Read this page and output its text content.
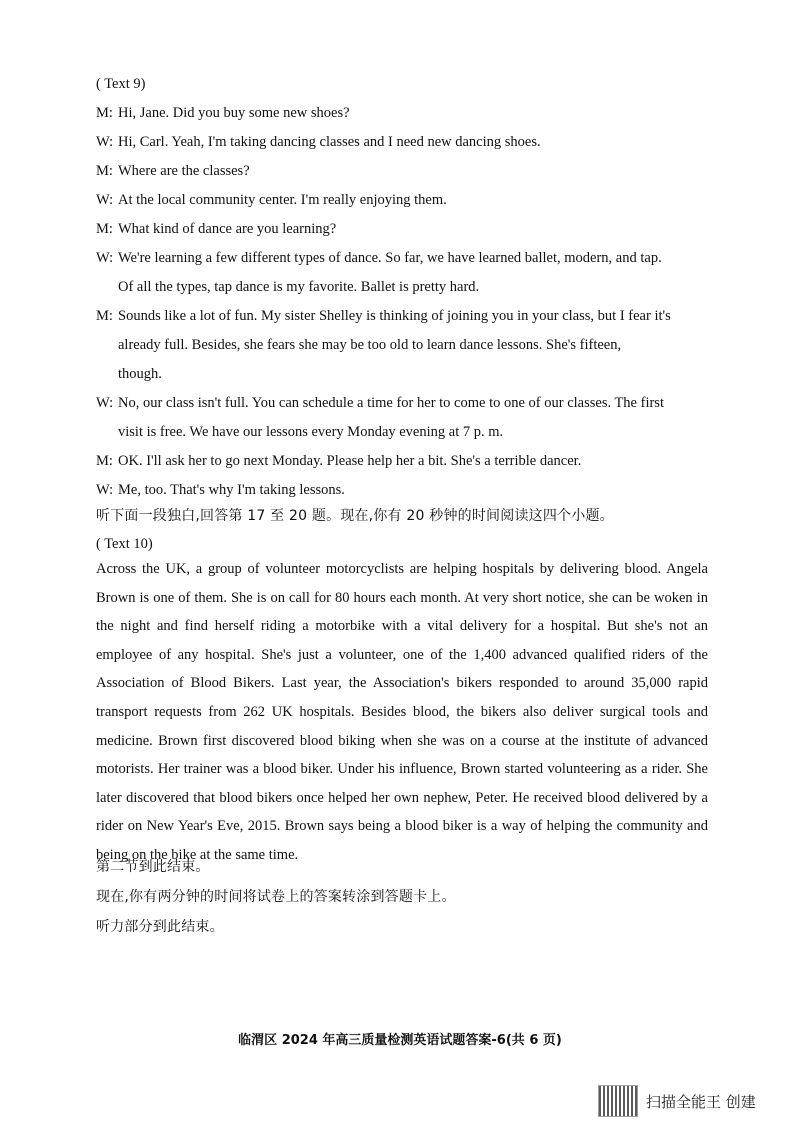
( Text 9)
M: Hi, Jane. Did you buy some new shoes?
W: Hi, Carl. Yeah, I'm taking dancing classes and I need new dancing shoes.
M: Where are the classes?
W: At the local community center. I'm really enjoying them.
M: What kind of dance are you learning?
W: We're learning a few different types of dance. So far, we have learned ballet, modern, and tap.
Of all the types, tap dance is my favorite. Ballet is pretty hard.
M: Sounds like a lot of fun. My sister Shelley is thinking of joining you in your class, but I fear it's
already full. Besides, she fears she may be too old to learn dance lessons. She's fifteen,
though.
W: No, our class isn't full. You can schedule a time for her to come to one of our classes. The first
visit is free. We have our lessons every Monday evening at 7 p. m.
M: OK. I'll ask her to go next Monday. Please help her a bit. She's a terrible dancer.
W: Me, too. That's why I'm taking lessons.
听下面一段独白,回答第 17 至 20 题。现在,你有 20 秒钟的时间阅读这四个小题。
( Text 10)
Across the UK, a group of volunteer motorcyclists are helping hospitals by delivering blood. Angela Brown is one of them. She is on call for 80 hours each month. At very short notice, she can be woken in the night and find herself riding a motorbike with a vital delivery for a hospital. But she's not an employee of any hospital. She's just a volunteer, one of the 1,400 advanced qualified riders of the Association of Blood Bikers. Last year, the Association's bikers responded to around 35,000 rapid transport requests from 262 UK hospitals. Besides blood, the bikers also deliver surgical tools and medicine. Brown first discovered blood biking when she was on a course at the institute of advanced motorists. Her trainer was a blood biker. Under his influence, Brown started volunteering as a rider. She later discovered that blood bikers once helped her own nephew, Peter. He received blood delivered by a rider on New Year's Eve, 2015. Brown says being a blood biker is a way of helping the community and being on the bike at the same time.
第二节到此结束。
现在,你有两分钟的时间将试卷上的答案转涂到答题卡上。
听力部分到此结束。
临渭区 2024 年高三质量检测英语试题答案-6(共 6 页)
扫描全能王 创建
